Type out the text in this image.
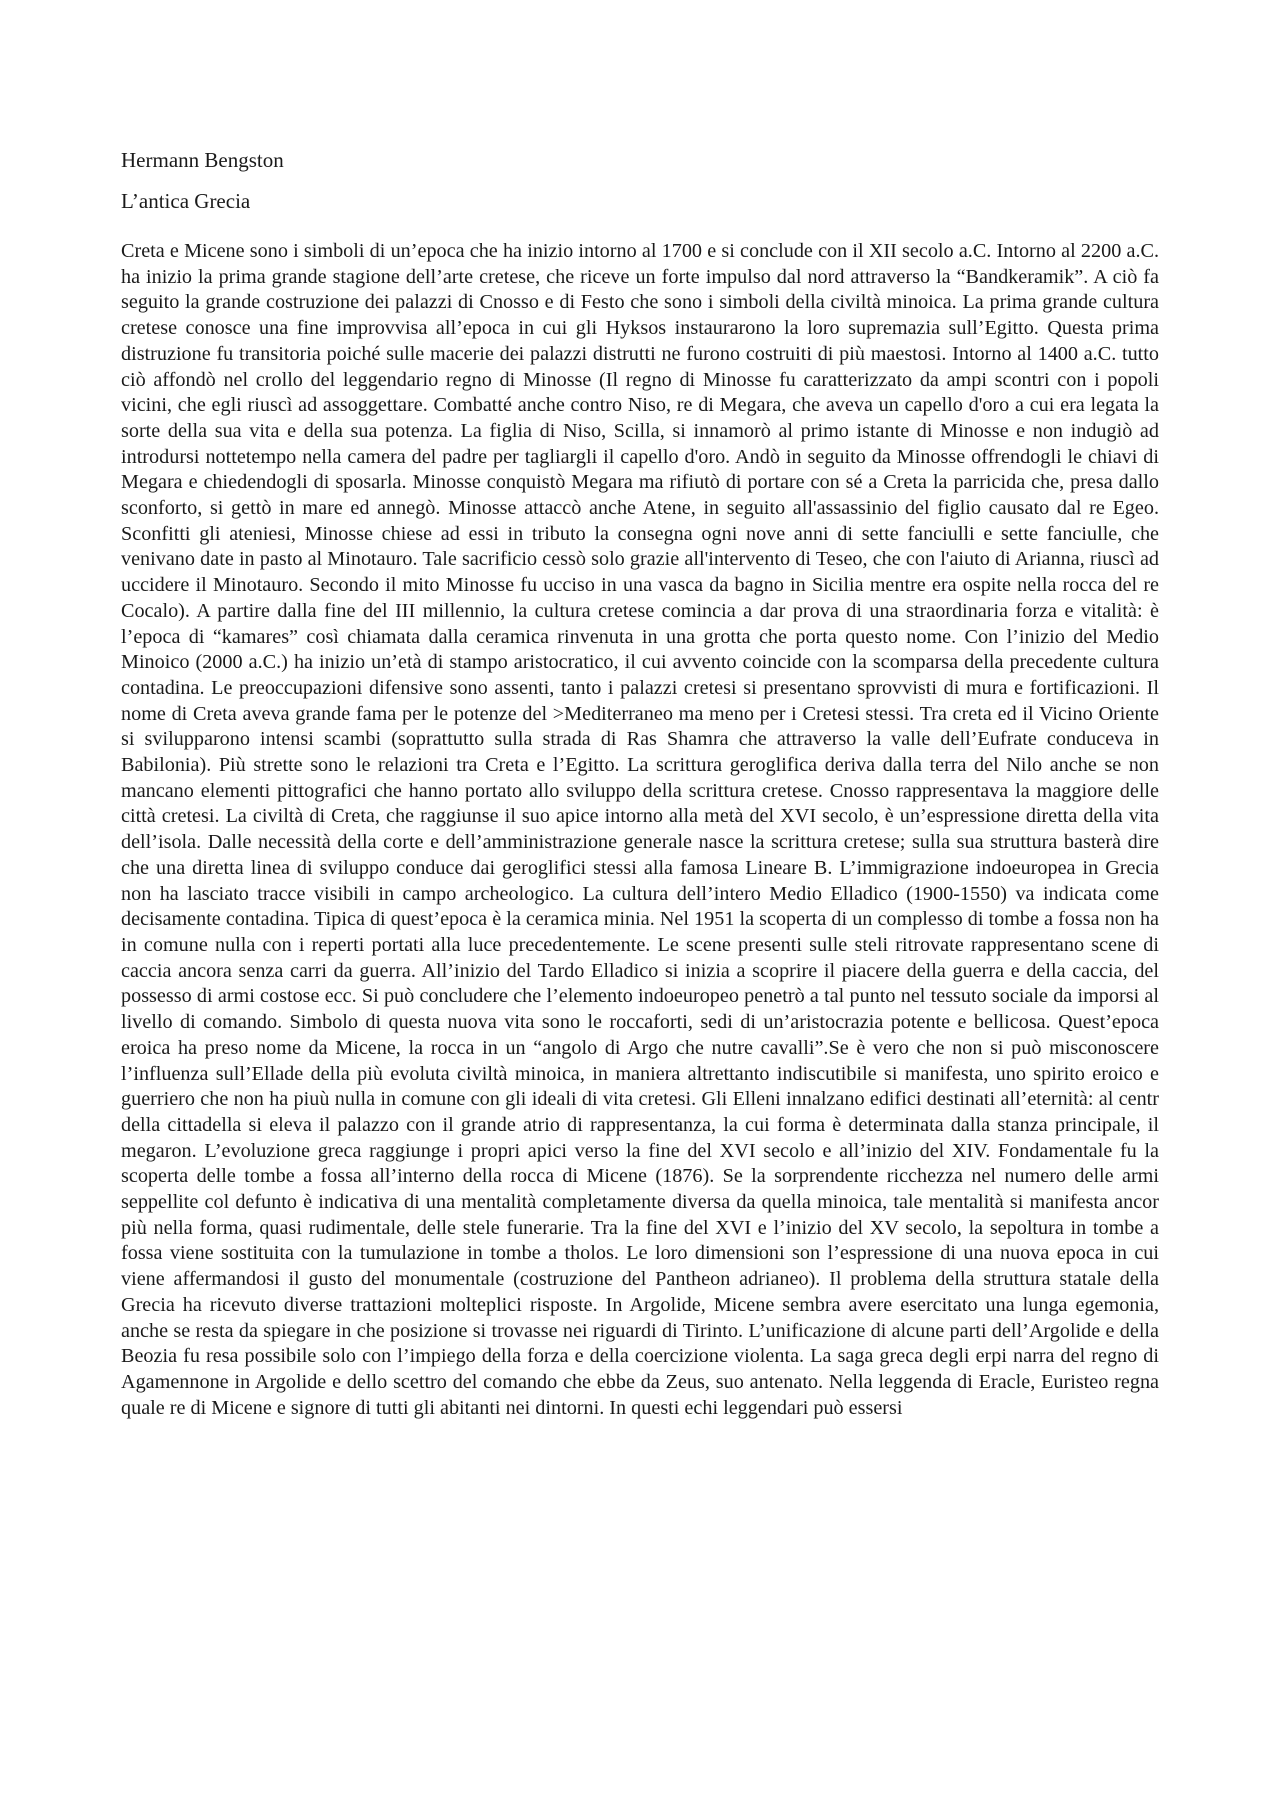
Hermann Bengston

L’antica Grecia

Creta e Micene sono i simboli di un’epoca che ha inizio intorno al 1700 e si conclude con il XII secolo a.C. Intorno al 2200 a.C. ha inizio la prima grande stagione dell’arte cretese, che riceve un forte impulso dal nord attraverso la “Bandkeramik”. A ciò fa seguito la grande costruzione dei palazzi di Cnosso e di Festo che sono i simboli della civiltà minoica. La prima grande cultura cretese conosce una fine improvvisa all’epoca in cui gli Hyksos instaurarono la loro supremazia sull’Egitto. Questa prima distruzione fu transitoria poiché sulle macerie dei palazzi distrutti ne furono costruiti di più maestosi. Intorno al 1400 a.C. tutto ciò affondò nel crollo del leggendario regno di Minosse (Il regno di Minosse fu caratterizzato da ampi scontri con i popoli vicini, che egli riuscì ad assoggettare. Combatté anche contro Niso, re di Megara, che aveva un capello d'oro a cui era legata la sorte della sua vita e della sua potenza. La figlia di Niso, Scilla, si innamorò al primo istante di Minosse e non indugiò ad introdursi nottetempo nella camera del padre per tagliargli il capello d'oro. Andò in seguito da Minosse offrendogli le chiavi di Megara e chiedendogli di sposarla. Minosse conquistò Megara ma rifiutò di portare con sé a Creta la parricida che, presa dallo sconforto, si gettò in mare ed annegò. Minosse attaccò anche Atene, in seguito all'assassinio del figlio causato dal re Egeo. Sconfitti gli ateniesi, Minosse chiese ad essi in tributo la consegna ogni nove anni di sette fanciulli e sette fanciulle, che venivano date in pasto al Minotauro. Tale sacrificio cessò solo grazie all'intervento di Teseo, che con l'aiuto di Arianna, riuscì ad uccidere il Minotauro. Secondo il mito Minosse fu ucciso in una vasca da bagno in Sicilia mentre era ospite nella rocca del re Cocalo). A partire dalla fine del III millennio, la cultura cretese comincia a dar prova di una straordinaria forza e vitalità: è l’epoca di “kamares” così chiamata dalla ceramica rinvenuta in una grotta che porta questo nome. Con l’inizio del Medio Minoico (2000 a.C.) ha inizio un’età di stampo aristocratico, il cui avvento coincide con la scomparsa della precedente cultura contadina. Le preoccupazioni difensive sono assenti, tanto i palazzi cretesi si presentano sprovvisti di mura e fortificazioni. Il nome di Creta aveva grande fama per le potenze del >Mediterraneo ma meno per i Cretesi stessi. Tra creta ed il Vicino Oriente si svilupparono intensi scambi (soprattutto sulla strada di Ras Shamra che attraverso la valle dell’Eufrate conduceva in Babilonia). Più strette sono le relazioni tra Creta e l’Egitto. La scrittura geroglifica deriva dalla terra del Nilo anche se non mancano elementi pittografici che hanno portato allo sviluppo della scrittura cretese. Cnosso rappresentava la maggiore delle città cretesi. La civiltà di Creta, che raggiunse il suo apice intorno alla metà del XVI secolo, è un’espressione diretta della vita dell’isola. Dalle necessità della corte e dell’amministrazione generale nasce la scrittura cretese; sulla sua struttura basterà dire che una diretta linea di sviluppo conduce dai geroglifici stessi alla famosa Lineare B. L’immigrazione indoeuropea in Grecia non ha lasciato tracce visibili in campo archeologico. La cultura dell’intero Medio Elladico (1900-1550) va indicata come decisamente contadina. Tipica di quest’epoca è la ceramica minia. Nel 1951 la scoperta di un complesso di tombe a fossa non ha in comune nulla con i reperti portati alla luce precedentemente. Le scene presenti sulle steli ritrovate rappresentano scene di caccia ancora senza carri da guerra. All’inizio del Tardo Elladico si inizia a scoprire il piacere della guerra e della caccia, del possesso di armi costose ecc. Si può concludere che l’elemento indoeuropeo penetrò a tal punto nel tessuto sociale da imporsi al livello di comando. Simbolo di questa nuova vita sono le roccaforti, sedi di un’aristocrazia potente e bellicosa. Quest’epoca eroica ha preso nome da Micene, la rocca in un “angolo di Argo che nutre cavalli”.Se è vero che non si può misconoscere l’influenza sull’Ellade della più evoluta civiltà minoica, in maniera altrettanto indiscutibile si manifesta, uno spirito eroico e guerriero che non ha piuù nulla in comune con gli ideali di vita cretesi. Gli Elleni innalzano edifici destinati all’eternità: al centr della cittadella si eleva il palazzo con il grande atrio di rappresentanza, la cui forma è determinata dalla stanza principale, il megaron. L’evoluzione greca raggiunge i propri apici verso la fine del XVI secolo e all’inizio del XIV. Fondamentale fu la scoperta delle tombe a fossa all’interno della rocca di Micene (1876). Se la sorprendente ricchezza nel numero delle armi seppellite col defunto è indicativa di una mentalità completamente diversa da quella minoica, tale mentalità si manifesta ancor più nella forma, quasi rudimentale, delle stele funerarie. Tra la fine del XVI e l’inizio del XV secolo, la sepoltura in tombe a fossa viene sostituita con la tumulazione in tombe a tholos. Le loro dimensioni son l’espressione di una nuova epoca in cui viene affermandosi il gusto del monumentale (costruzione del Pantheon adrianeo). Il problema della struttura statale della Grecia ha ricevuto diverse trattazioni molteplici risposte. In Argolide, Micene sembra avere esercitato una lunga egemonia, anche se resta da spiegare in che posizione si trovasse nei riguardi di Tirinto. L’unificazione di alcune parti dell’Argolide e della Beozia fu resa possibile solo con l’impiego della forza e della coercizione violenta. La saga greca degli erpi narra del regno di Agamennone in Argolide e dello scettro del comando che ebbe da Zeus, suo antenato. Nella leggenda di Eracle, Euristeo regna quale re di Micene e signore di tutti gli abitanti nei dintorni. In questi echi leggendari può essersi
